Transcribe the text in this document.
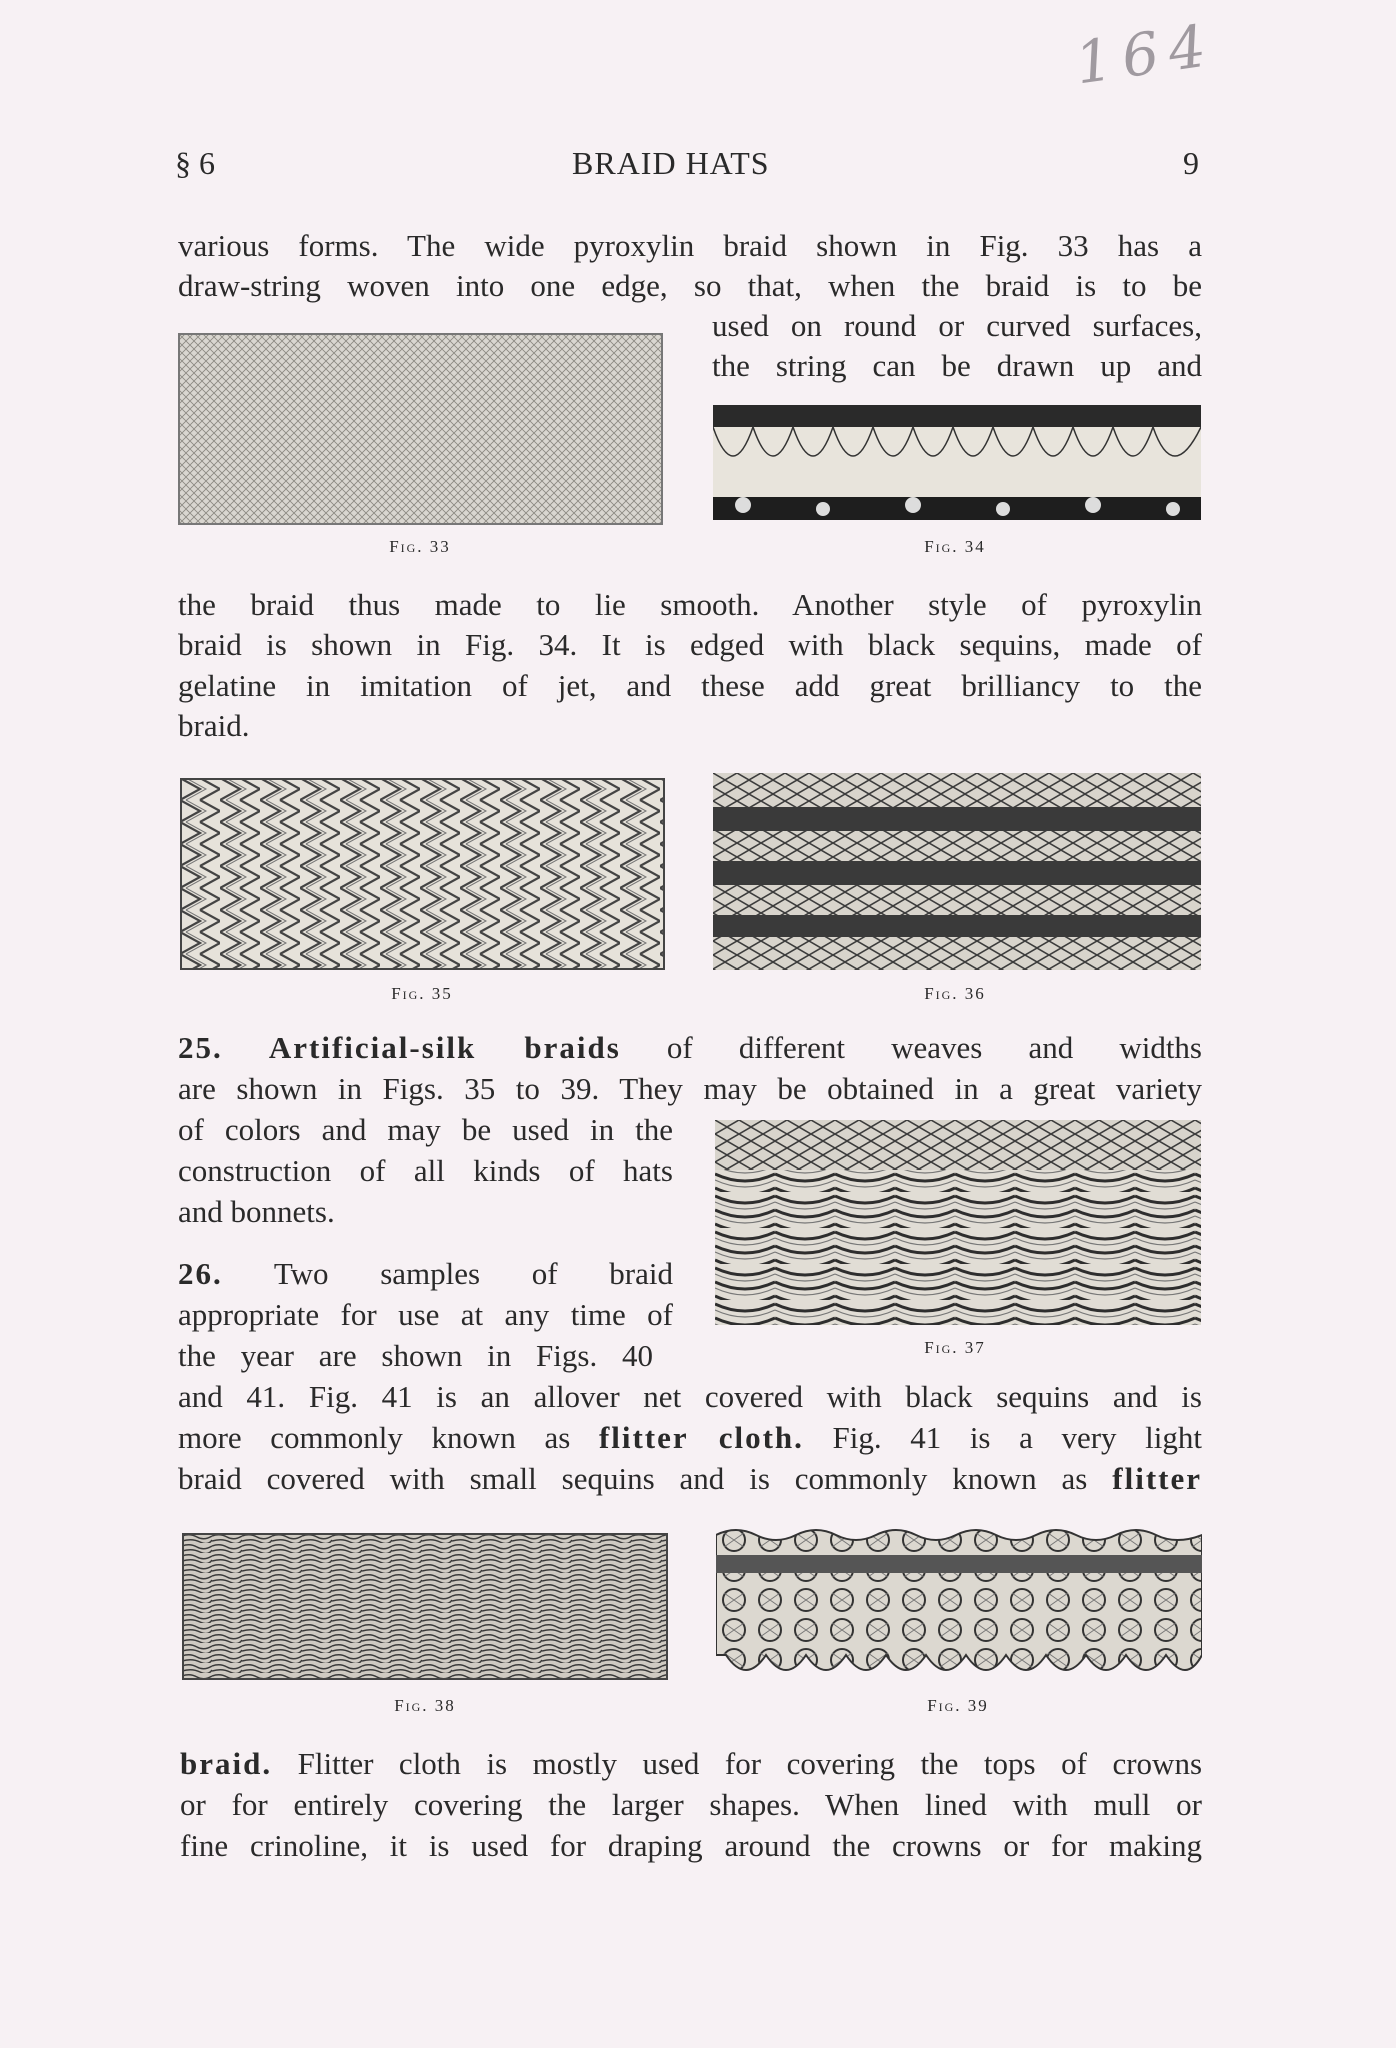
164
§ 6	BRAID HATS	9
various forms. The wide pyroxylin braid shown in Fig. 33 has a
draw-string woven into one edge, so that, when the braid is to be
used on round or curved surfaces,
the string can be drawn up and
Fig. 33	Fig. 34
the braid thus made to lie smooth. Another style of pyroxylin
braid is shown in Fig. 34. It is edged with black sequins, made of
gelatine in imitation of jet, and these add great brilliancy to the
braid.
Fig. 35	Fig. 36
25. Artificial-silk braids of different weaves and widths
are shown in Figs. 35 to 39. They may be obtained in a great variety
of colors and may be used in the
construction of all kinds of hats
and bonnets.
Fig. 37
26. Two samples of braid
appropriate for use at any time of
the year are shown in Figs. 40
and 41. Fig. 41 is an allover net covered with black sequins and is
more commonly known as flitter cloth. Fig. 41 is a very light
braid covered with small sequins and is commonly known as flitter
Fig. 38	Fig. 39
braid. Flitter cloth is mostly used for covering the tops of crowns
or for entirely covering the larger shapes. When lined with mull or
fine crinoline, it is used for draping around the crowns or for making
